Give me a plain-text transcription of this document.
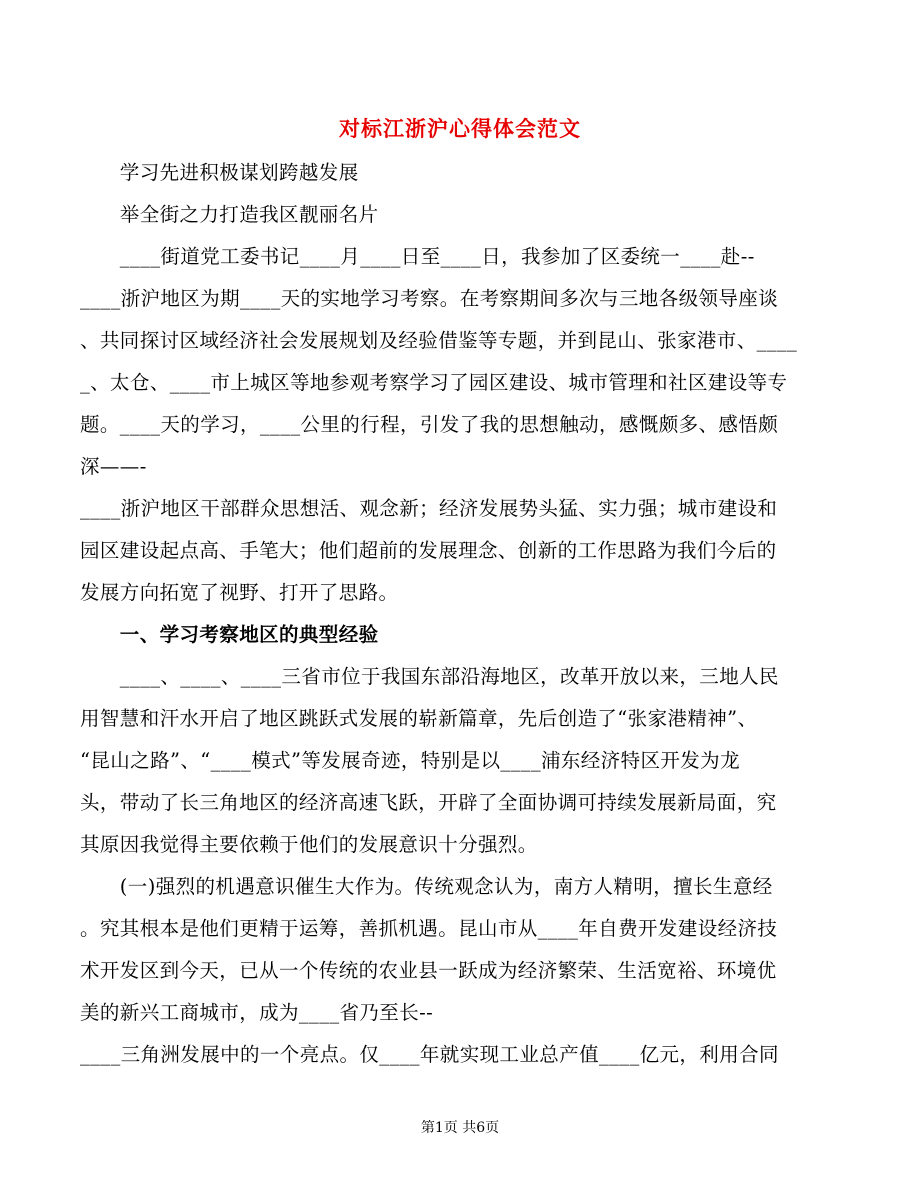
对标江浙沪心得体会范文
　　学习先进积极谋划跨越发展
　　举全街之力打造我区靓丽名片
　　____街道党工委书记____月____日至____日，我参加了区委统一____赴--
____浙沪地区为期____天的实地学习考察。在考察期间多次与三地各级领导座谈
、共同探讨区域经济社会发展规划及经验借鉴等专题，并到昆山、张家港市、____
_、太仓、____市上城区等地参观考察学习了园区建设、城市管理和社区建设等专
题。____天的学习，____公里的行程，引发了我的思想触动，感慨颇多、感悟颇
深——-
____浙沪地区干部群众思想活、观念新；经济发展势头猛、实力强；城市建设和
园区建设起点高、手笔大；他们超前的发展理念、创新的工作思路为我们今后的
发展方向拓宽了视野、打开了思路。
　　一、学习考察地区的典型经验
　　____、____、____三省市位于我国东部沿海地区，改革开放以来，三地人民
用智慧和汗水开启了地区跳跃式发展的崭新篇章，先后创造了“张家港精神”、
“昆山之路”、“____模式”等发展奇迹，特别是以____浦东经济特区开发为龙
头，带动了长三角地区的经济高速飞跃，开辟了全面协调可持续发展新局面，究
其原因我觉得主要依赖于他们的发展意识十分强烈。
　　(一)强烈的机遇意识催生大作为。传统观念认为，南方人精明，擅长生意经
。究其根本是他们更精于运筹，善抓机遇。昆山市从____年自费开发建设经济技
术开发区到今天，已从一个传统的农业县一跃成为经济繁荣、生活宽裕、环境优
美的新兴工商城市，成为____省乃至长--
____三角洲发展中的一个亮点。仅____年就实现工业总产值____亿元，利用合同
第1页 共6页
